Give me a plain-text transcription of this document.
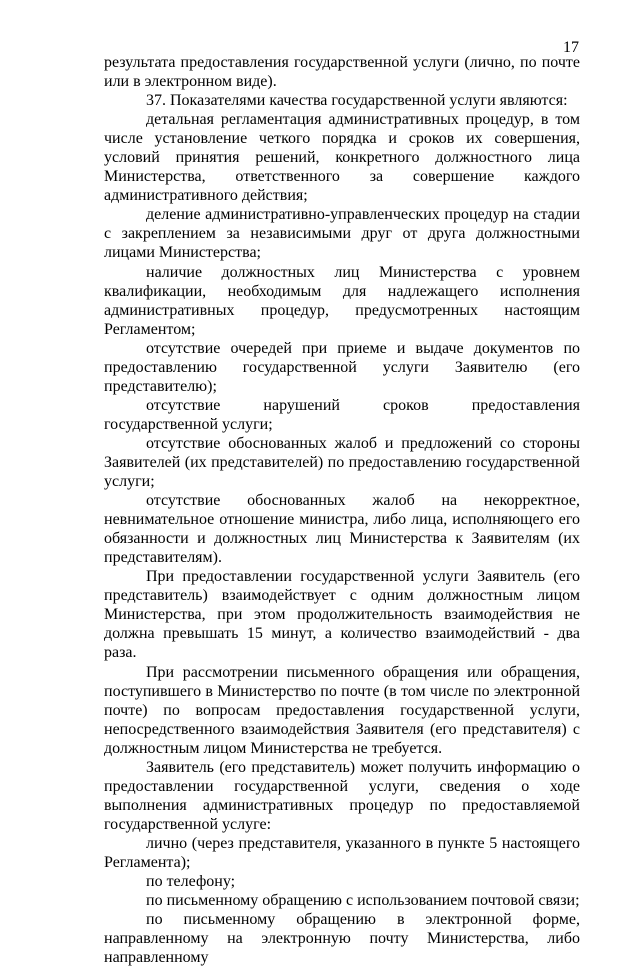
17

результата предоставления государственной услуги (лично, по почте
или в электронном виде).

37. Показателями качества государственной услуги являются:

детальная регламентация административных процедур, в том числе установление четкого порядка и сроков их совершения, условий принятия решений, конкретного должностного лица Министерства, ответственного за совершение каждого административного действия;

деление административно-управленческих процедур на стадии с закреплением за независимыми друг от друга должностными лицами Министерства;

наличие должностных лиц Министерства с уровнем квалификации, необходимым для надлежащего исполнения административных процедур, предусмотренных настоящим Регламентом;

отсутствие очередей при приеме и выдаче документов по предоставлению государственной услуги Заявителю (его представителю);

отсутствие нарушений сроков предоставления государственной услуги;

отсутствие обоснованных жалоб и предложений со стороны Заявителей (их представителей) по предоставлению государственной услуги;

отсутствие обоснованных жалоб на некорректное, невнимательное отношение министра, либо лица, исполняющего его обязанности и должностных лиц Министерства к Заявителям (их представителям).

При предоставлении государственной услуги Заявитель (его представитель) взаимодействует с одним должностным лицом Министерства, при этом продолжительность взаимодействия не должна превышать 15 минут, а количество взаимодействий - два раза.

При рассмотрении письменного обращения или обращения, поступившего в Министерство по почте (в том числе по электронной почте) по вопросам предоставления государственной услуги, непосредственного взаимодействия Заявителя (его представителя) с должностным лицом Министерства не требуется.

Заявитель (его представитель) может получить информацию о предоставлении государственной услуги, сведения о ходе выполнения административных процедур по предоставляемой государственной услуге:

лично (через представителя, указанного в пункте 5 настоящего Регламента);

по телефону;

по письменному обращению с использованием почтовой связи;

по письменному обращению в электронной форме, направленному на электронную почту Министерства, либо направленному
